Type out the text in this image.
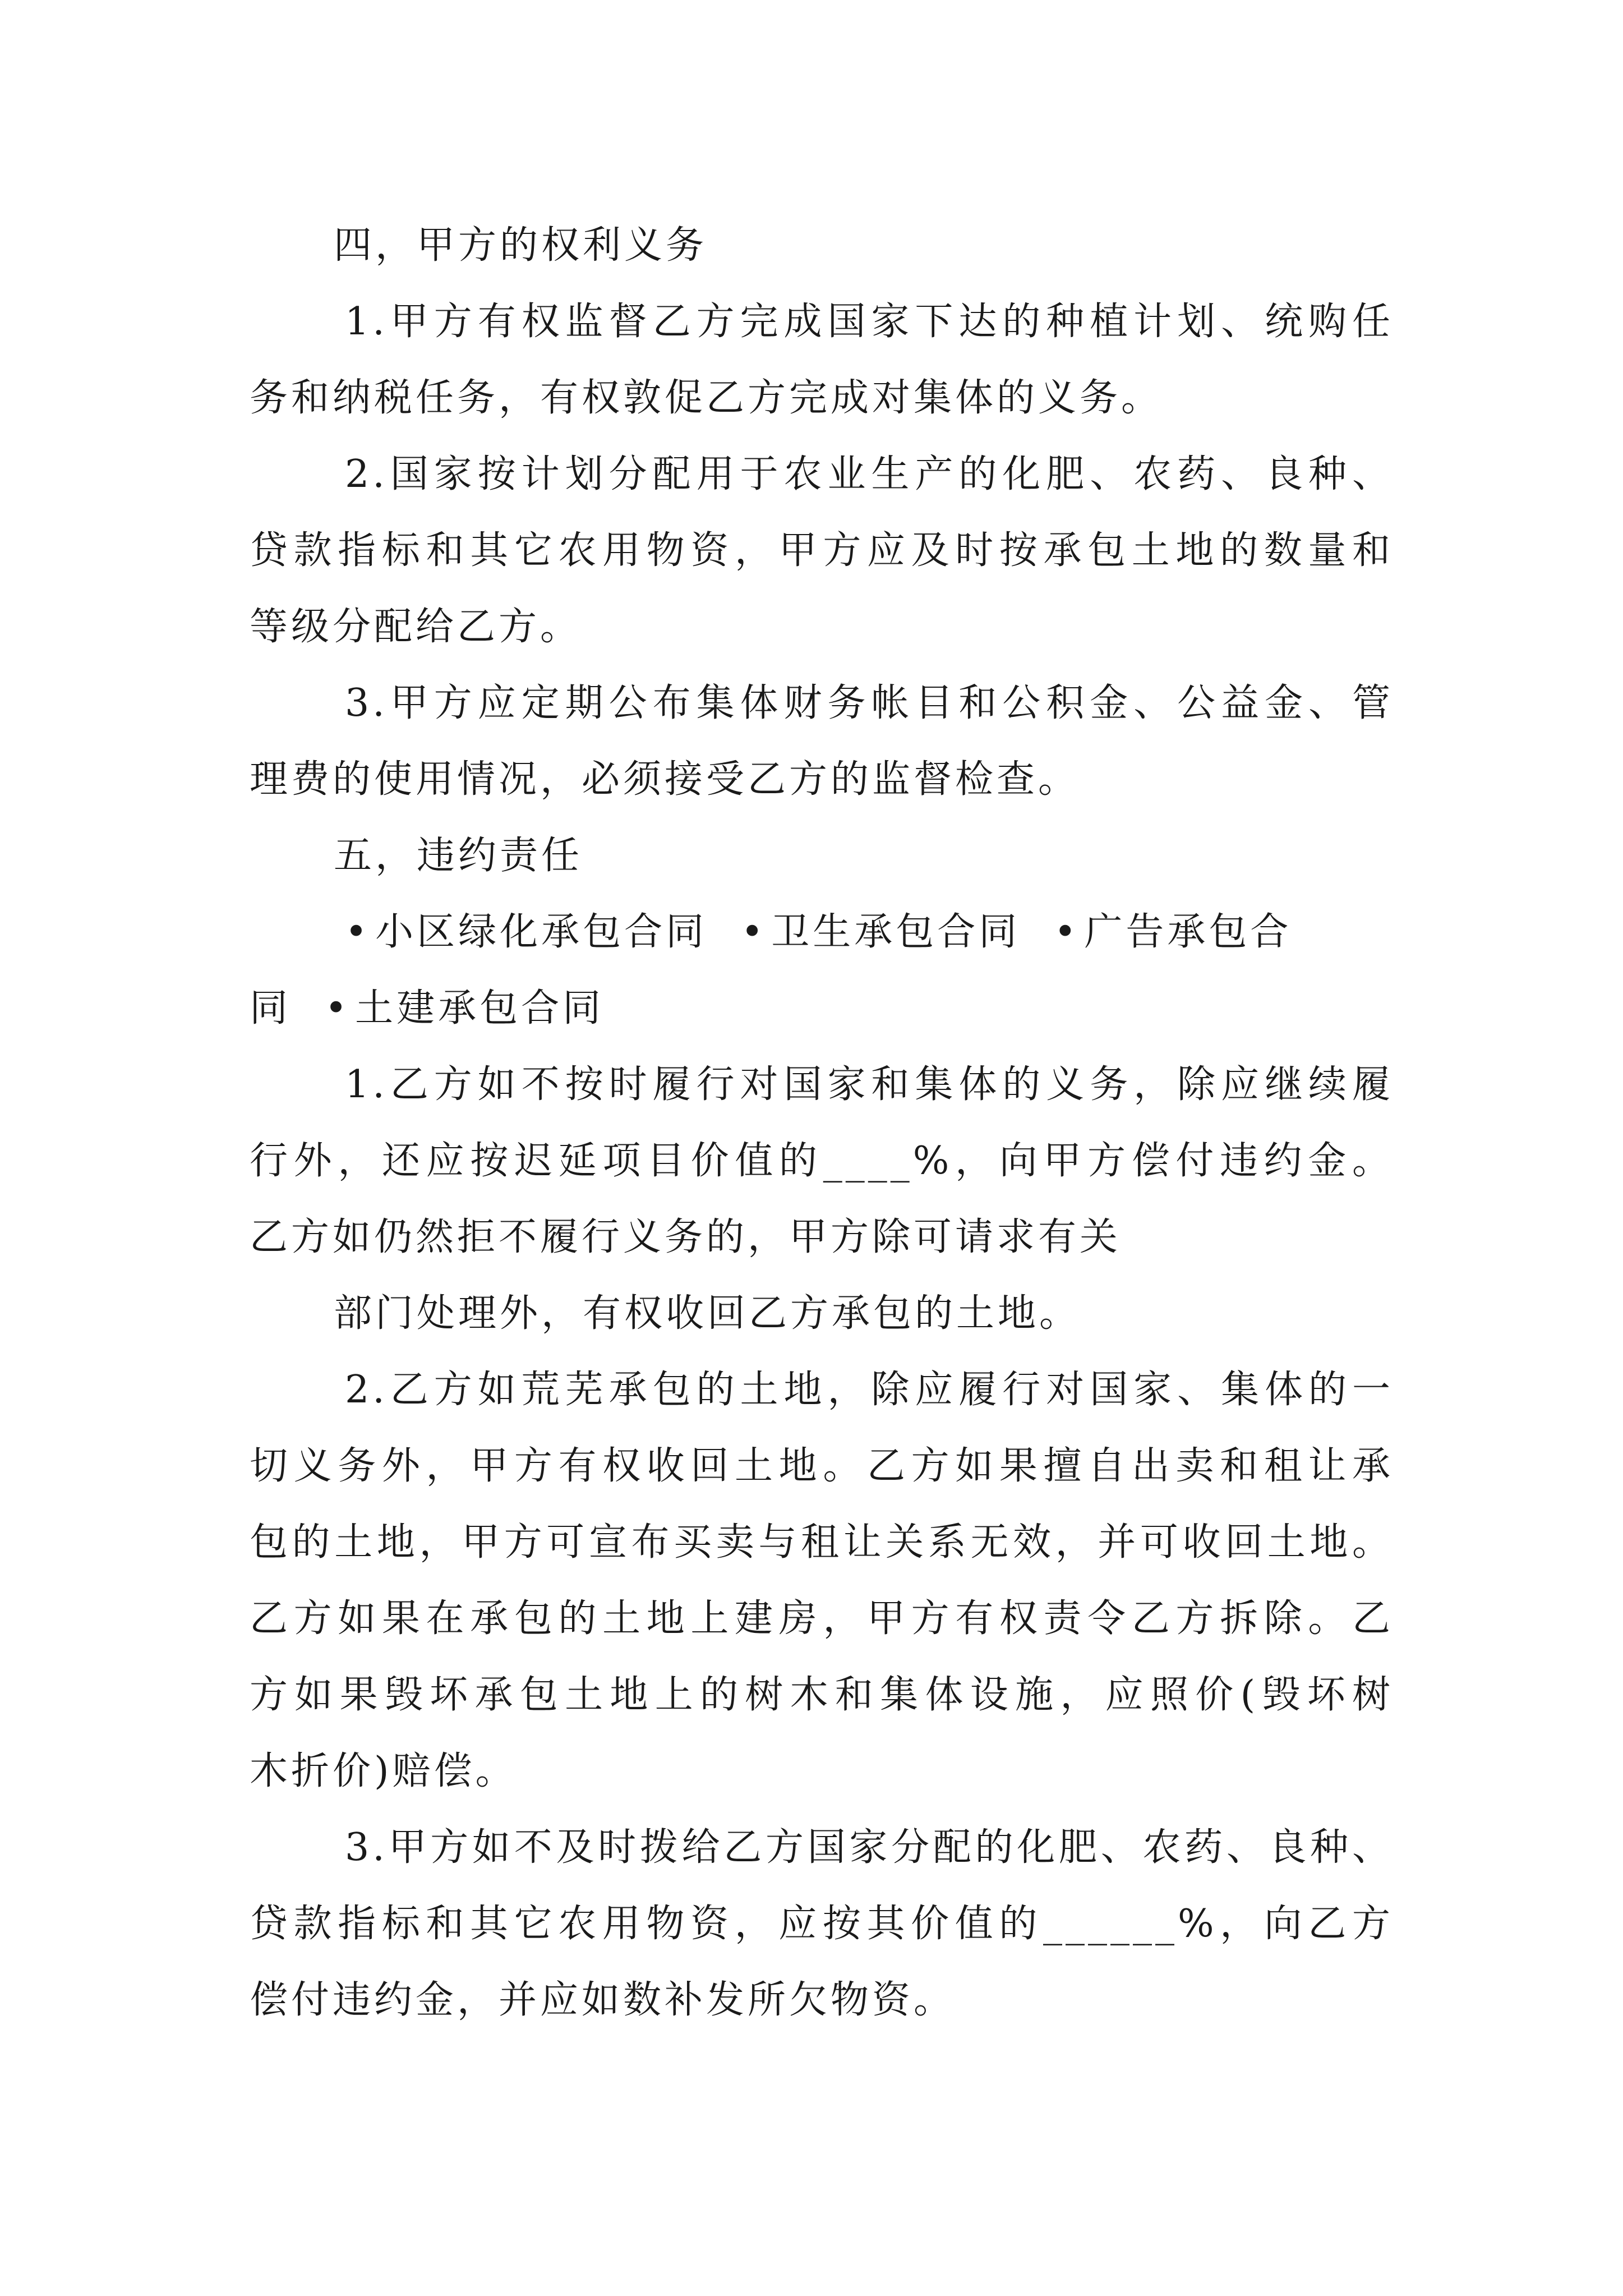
四，甲方的权利义务
1.甲方有权监督乙方完成国家下达的种植计划、统购任
务和纳税任务，有权敦促乙方完成对集体的义务。
2.国家按计划分配用于农业生产的化肥、农药、良种、
贷款指标和其它农用物资，甲方应及时按承包土地的数量和
等级分配给乙方。
3.甲方应定期公布集体财务帐目和公积金、公益金、管
理费的使用情况，必须接受乙方的监督检查。
五，违约责任
• 小区绿化承包合同 • 卫生承包合同 • 广告承包合
同 • 土建承包合同
1.乙方如不按时履行对国家和集体的义务，除应继续履
行外，还应按迟延项目价值的____%，向甲方偿付违约金。
乙方如仍然拒不履行义务的，甲方除可请求有关
部门处理外，有权收回乙方承包的土地。
2.乙方如荒芜承包的土地，除应履行对国家、集体的一
切义务外，甲方有权收回土地。乙方如果擅自出卖和租让承
包的土地，甲方可宣布买卖与租让关系无效，并可收回土地。
乙方如果在承包的土地上建房，甲方有权责令乙方拆除。乙
方如果毁坏承包土地上的树木和集体设施，应照价(毁坏树
木折价)赔偿。
3.甲方如不及时拨给乙方国家分配的化肥、农药、良种、
贷款指标和其它农用物资，应按其价值的______%，向乙方
偿付违约金，并应如数补发所欠物资。
